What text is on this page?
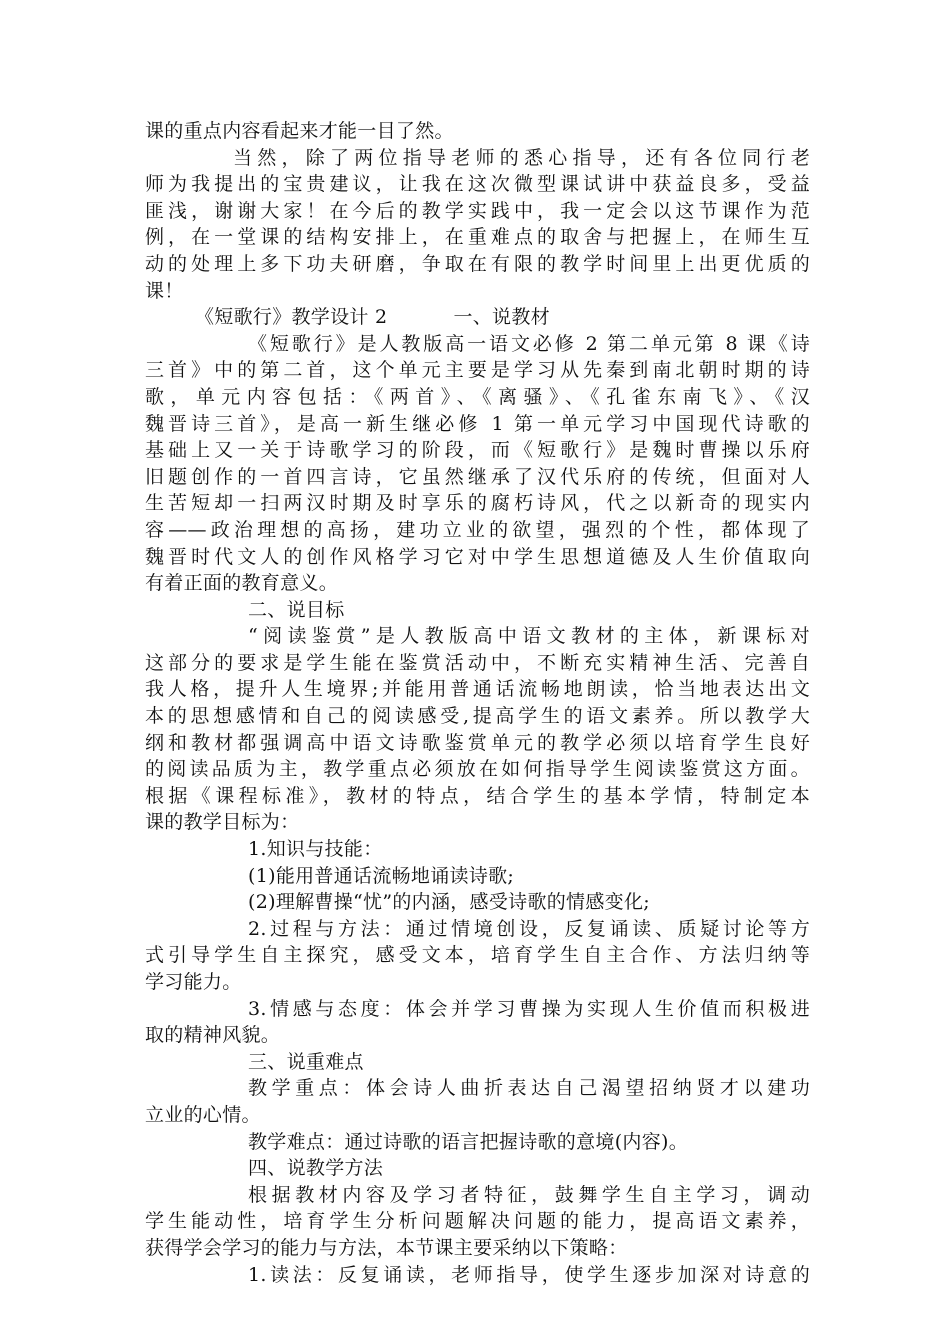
课的重点内容看起来才能一目了然。
当然，除了两位指导老师的悉心指导，还有各位同行老
师为我提出的宝贵建议，让我在这次微型课试讲中获益良多，受益
匪浅，谢谢大家！在今后的教学实践中，我一定会以这节课作为范
例，在一堂课的结构安排上，在重难点的取舍与把握上，在师生互
动的处理上多下功夫研磨，争取在有限的教学时间里上出更优质的
课！
《短歌行》教学设计 2	一、说教材
《短歌行》是人教版高一语文必修 2 第二单元第 8 课《诗
三首》中的第二首，这个单元主要是学习从先秦到南北朝时期的诗
歌，单元内容包括：《两首》、《离骚》、《孔雀东南飞》、《汉
魏晋诗三首》，是高一新生继必修 1 第一单元学习中国现代诗歌的
基础上又一关于诗歌学习的阶段，而《短歌行》是魏时曹操以乐府
旧题创作的一首四言诗，它虽然继承了汉代乐府的传统，但面对人
生苦短却一扫两汉时期及时享乐的腐朽诗风，代之以新奇的现实内
容——政治理想的高扬，建功立业的欲望，强烈的个性，都体现了
魏晋时代文人的创作风格学习它对中学生思想道德及人生价值取向
有着正面的教育意义。
二、说目标
“阅读鉴赏”是人教版高中语文教材的主体，新课标对
这部分的要求是学生能在鉴赏活动中，不断充实精神生活、完善自
我人格，提升人生境界;并能用普通话流畅地朗读，恰当地表达出文
本的思想感情和自己的阅读感受,提高学生的语文素养。所以教学大
纲和教材都强调高中语文诗歌鉴赏单元的教学必须以培育学生良好
的阅读品质为主，教学重点必须放在如何指导学生阅读鉴赏这方面。
根据《课程标准》，教材的特点，结合学生的基本学情，特制定本
课的教学目标为：
1.知识与技能：
(1)能用普通话流畅地诵读诗歌;
(2)理解曹操“忧”的内涵，感受诗歌的情感变化;
2.过程与方法：通过情境创设，反复诵读、质疑讨论等方
式引导学生自主探究，感受文本，培育学生自主合作、方法归纳等
学习能力。
3.情感与态度：体会并学习曹操为实现人生价值而积极进
取的精神风貌。
三、说重难点
教学重点：体会诗人曲折表达自己渴望招纳贤才以建功
立业的心情。
教学难点：通过诗歌的语言把握诗歌的意境(内容)。
四、说教学方法
根据教材内容及学习者特征，鼓舞学生自主学习，调动
学生能动性，培育学生分析问题解决问题的能力，提高语文素养，
获得学会学习的能力与方法，本节课主要采纳以下策略：
1.读法：反复诵读，老师指导，使学生逐步加深对诗意的
